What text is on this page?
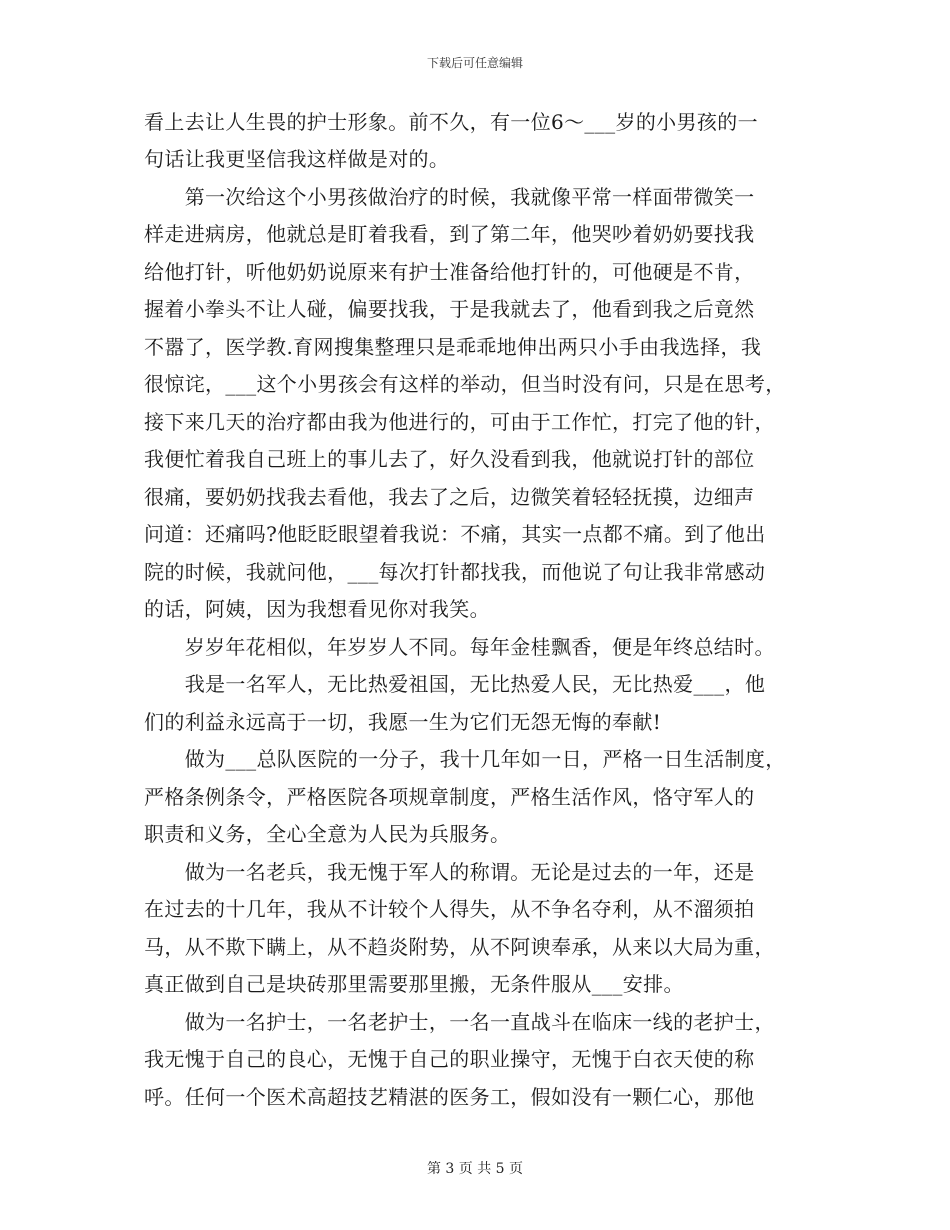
下载后可任意编辑
看上去让人生畏的护士形象。前不久，有一位6～___岁的小男孩的一
句话让我更坚信我这样做是对的。
　　第一次给这个小男孩做治疗的时候，我就像平常一样面带微笑一
样走进病房，他就总是盯着我看，到了第二年，他哭吵着奶奶要找我
给他打针，听他奶奶说原来有护士准备给他打针的，可他硬是不肯，
握着小拳头不让人碰，偏要找我，于是我就去了，他看到我之后竟然
不嚣了，医学教.育网搜集整理只是乖乖地伸出两只小手由我选择，我
很惊诧，___这个小男孩会有这样的举动，但当时没有问，只是在思考，
接下来几天的治疗都由我为他进行的，可由于工作忙，打完了他的针，
我便忙着我自己班上的事儿去了，好久没看到我，他就说打针的部位
很痛，要奶奶找我去看他，我去了之后，边微笑着轻轻抚摸，边细声
问道：还痛吗?他眨眨眼望着我说：不痛，其实一点都不痛。到了他出
院的时候，我就问他，___每次打针都找我，而他说了句让我非常感动
的话，阿姨，因为我想看见你对我笑。
　　岁岁年花相似，年岁岁人不同。每年金桂飘香，便是年终总结时。
　　我是一名军人，无比热爱祖国，无比热爱人民，无比热爱___，他
们的利益永远高于一切，我愿一生为它们无怨无悔的奉献!
　　做为___总队医院的一分子，我十几年如一日，严格一日生活制度，
严格条例条令，严格医院各项规章制度，严格生活作风，恪守军人的
职责和义务，全心全意为人民为兵服务。
　　做为一名老兵，我无愧于军人的称谓。无论是过去的一年，还是
在过去的十几年，我从不计较个人得失，从不争名夺利，从不溜须拍
马，从不欺下瞒上，从不趋炎附势，从不阿谀奉承，从来以大局为重，
真正做到自己是块砖那里需要那里搬，无条件服从___安排。
　　做为一名护士，一名老护士，一名一直战斗在临床一线的老护士，
我无愧于自己的良心，无愧于自己的职业操守，无愧于白衣天使的称
呼。任何一个医术高超技艺精湛的医务工，假如没有一颗仁心，那他
第 3 页 共 5 页
